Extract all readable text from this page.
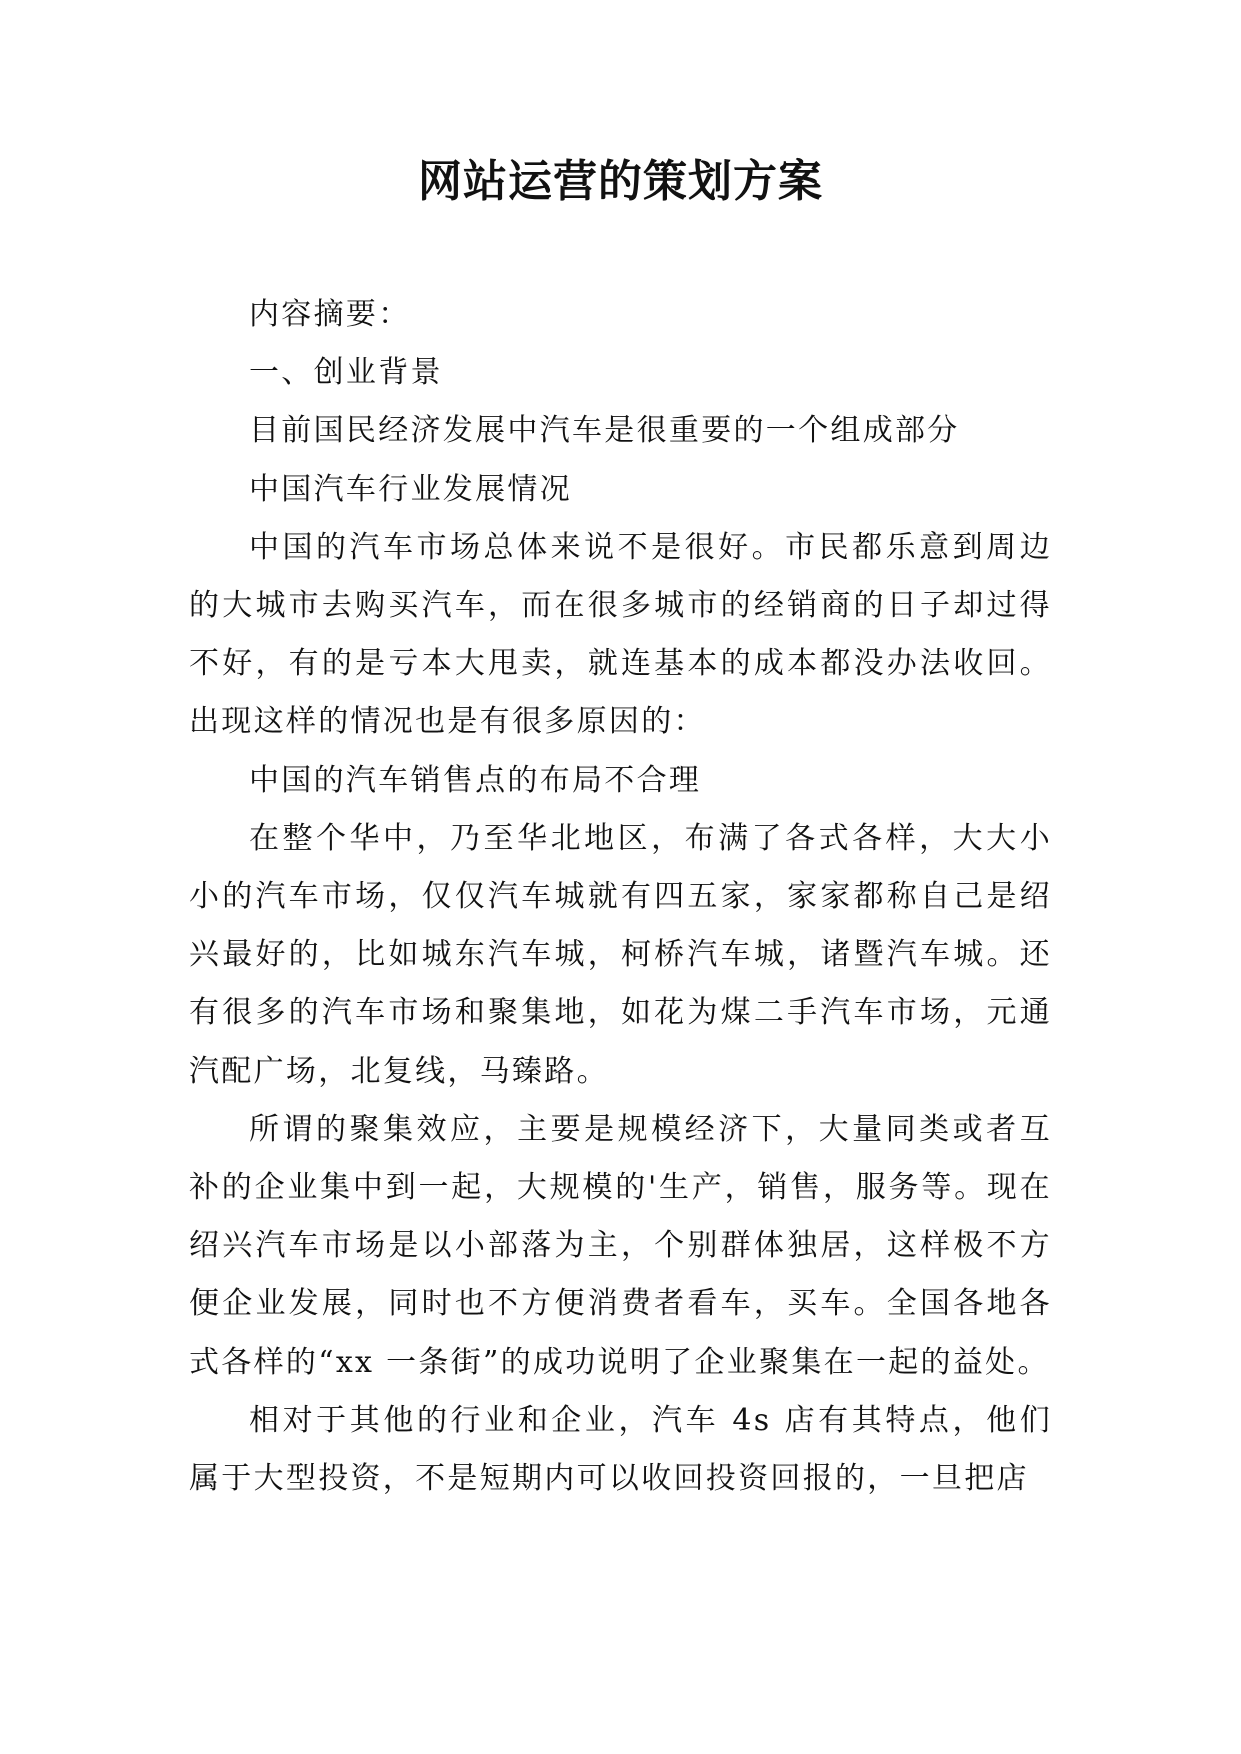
网站运营的策划方案

内容摘要：

一、创业背景

目前国民经济发展中汽车是很重要的一个组成部分

中国汽车行业发展情况

中国的汽车市场总体来说不是很好。市民都乐意到周边的大城市去购买汽车，而在很多城市的经销商的日子却过得不好，有的是亏本大甩卖，就连基本的成本都没办法收回。出现这样的情况也是有很多原因的：

中国的汽车销售点的布局不合理

在整个华中，乃至华北地区，布满了各式各样，大大小小的汽车市场，仅仅汽车城就有四五家，家家都称自己是绍兴最好的，比如城东汽车城，柯桥汽车城，诸暨汽车城。还有很多的汽车市场和聚集地，如花为煤二手汽车市场，元通汽配广场，北复线，马臻路。

所谓的聚集效应，主要是规模经济下，大量同类或者互补的企业集中到一起，大规模的'生产，销售，服务等。现在绍兴汽车市场是以小部落为主，个别群体独居，这样极不方便企业发展，同时也不方便消费者看车，买车。全国各地各式各样的“xx 一条街”的成功说明了企业聚集在一起的益处。

相对于其他的行业和企业，汽车 4s 店有其特点，他们属于大型投资，不是短期内可以收回投资回报的，一旦把店
